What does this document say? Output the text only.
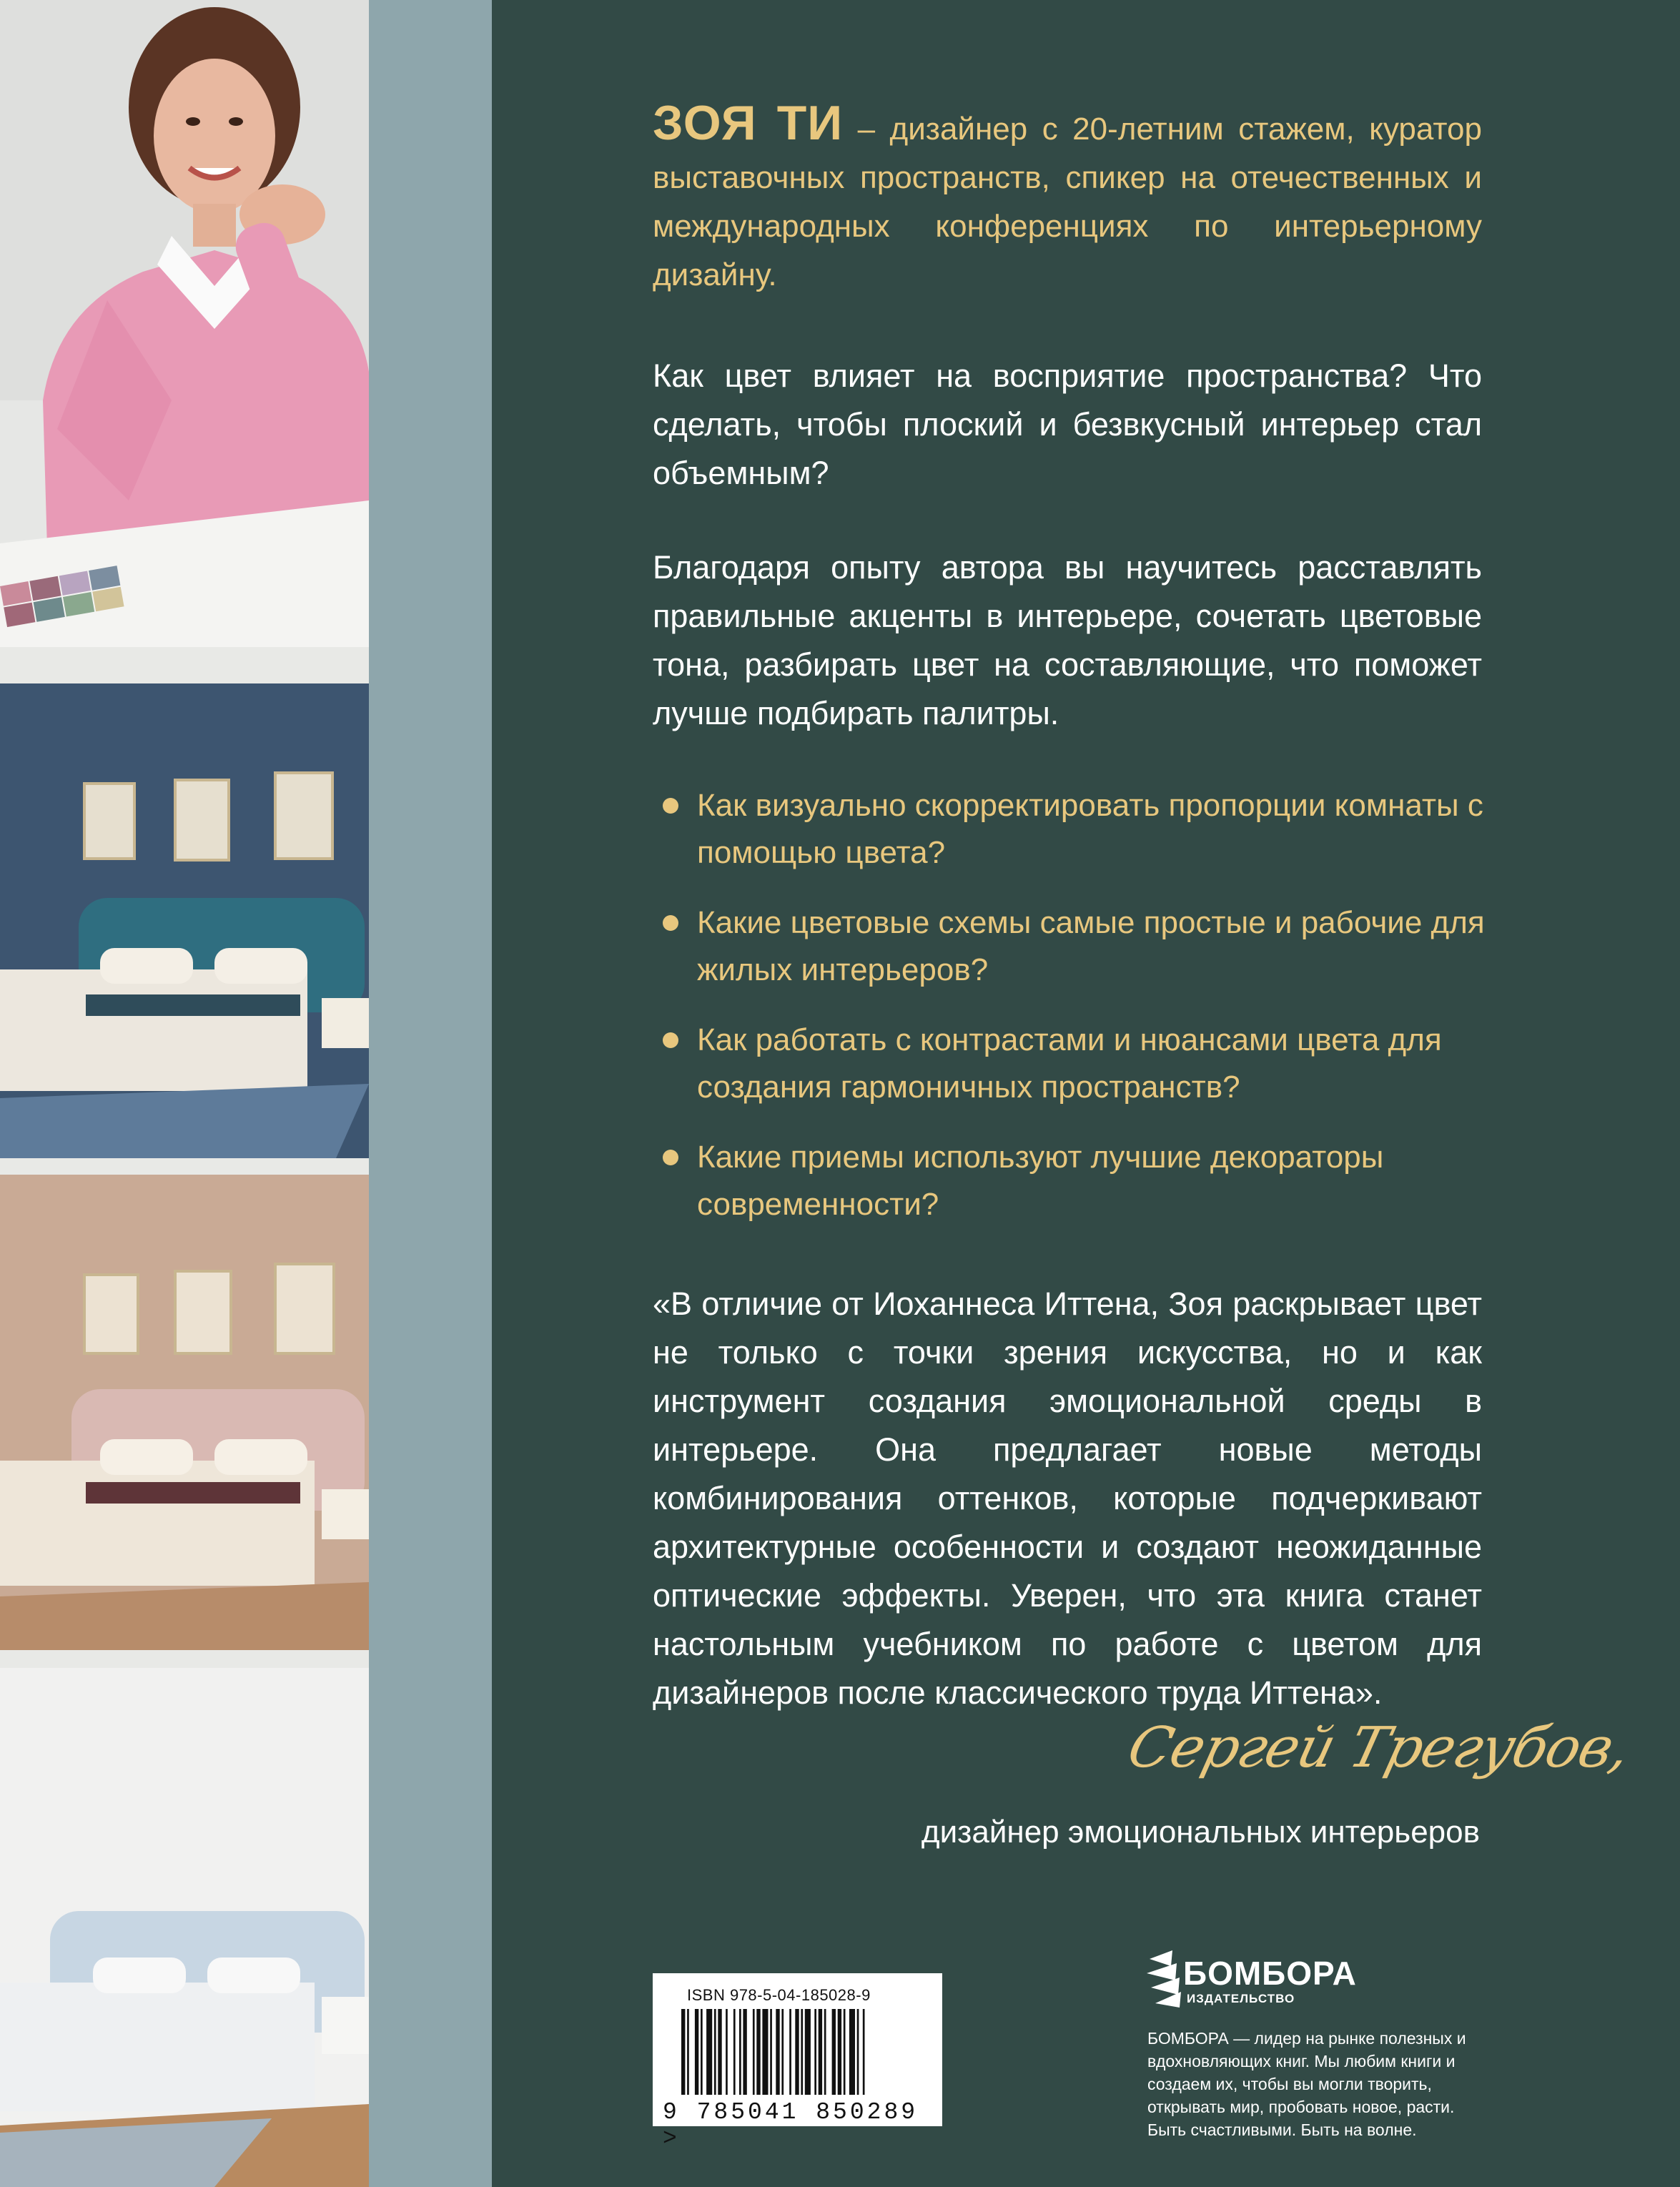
ЗОЯ ТИ – дизайнер с 20-летним стажем, куратор выставочных пространств, спикер на отечественных и международных конференциях по интерьерному дизайну.

Как цвет влияет на восприятие пространства? Что сделать, чтобы плоский и безвкусный интерьер стал объемным?

Благодаря опыту автора вы научитесь расставлять правильные акценты в интерьере, сочетать цветовые тона, разбирать цвет на составляющие, что поможет лучше подбирать палитры.

Как визуально скорректировать пропорции комнаты с помощью цвета?
Какие цветовые схемы самые простые и рабочие для жилых интерьеров?
Как работать с контрастами и нюансами цвета для создания гармоничных пространств?
Какие приемы используют лучшие декораторы современности?

«В отличие от Иоханнеса Иттена, Зоя раскрывает цвет не только с точки зрения искусства, но и как инструмент создания эмоциональной среды в интерьере. Она предлагает новые методы комбинирования оттенков, которые подчеркивают архитектурные особенности и создают неожиданные оптические эффекты. Уверен, что эта книга станет настольным учебником по работе с цветом для дизайнеров после классического труда Иттена».

Сергей Трегубов,
дизайнер эмоциональных интерьеров
ISBN 978-5-04-185028-9
9 785041 850289 >
БОМБОРА
ИЗДАТЕЛЬСТВО

БОМБОРА — лидер на рынке полезных и вдохновляющих книг. Мы любим книги и создаем их, чтобы вы могли творить, открывать мир, пробовать новое, расти. Быть счастливыми. Быть на волне.
